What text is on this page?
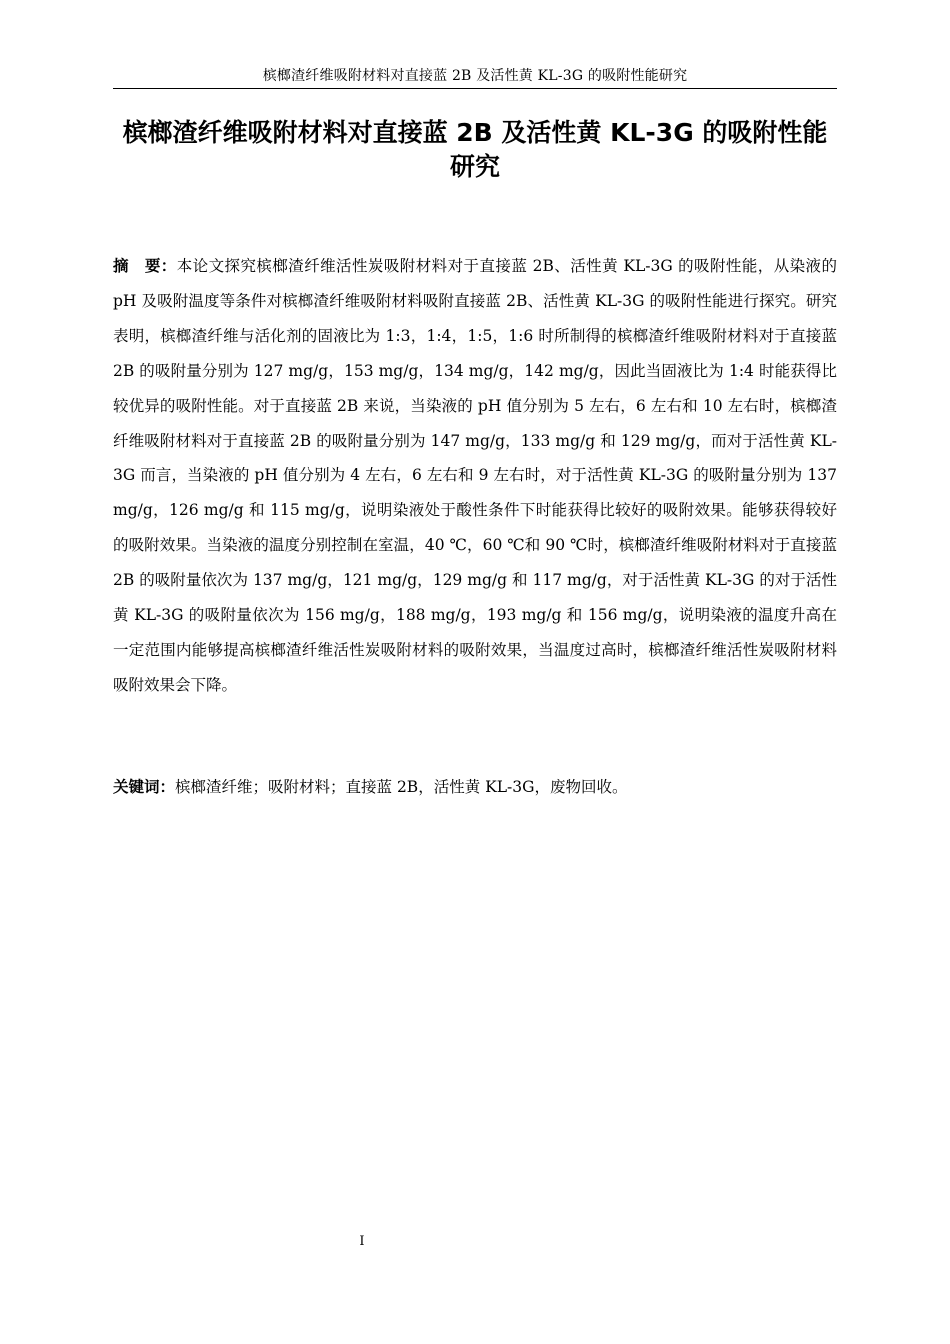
槟榔渣纤维吸附材料对直接蓝 2B 及活性黄 KL-3G 的吸附性能研究
槟榔渣纤维吸附材料对直接蓝 2B 及活性黄 KL-3G 的吸附性能研究

摘　要：本论文探究槟榔渣纤维活性炭吸附材料对于直接蓝 2B、活性黄 KL-3G 的吸附性能，从染液的 pH 及吸附温度等条件对槟榔渣纤维吸附材料吸附直接蓝 2B、活性黄 KL-3G 的吸附性能进行探究。研究表明，槟榔渣纤维与活化剂的固液比为 1:3，1:4，1:5，1:6 时所制得的槟榔渣纤维吸附材料对于直接蓝 2B 的吸附量分别为 127 mg/g，153 mg/g，134 mg/g，142 mg/g，因此当固液比为 1:4 时能获得比较优异的吸附性能。对于直接蓝 2B 来说，当染液的 pH 值分别为 5 左右，6 左右和 10 左右时，槟榔渣纤维吸附材料对于直接蓝 2B 的吸附量分别为 147 mg/g，133 mg/g 和 129 mg/g，而对于活性黄 KL-3G 而言，当染液的 pH 值分别为 4 左右，6 左右和 9 左右时，对于活性黄 KL-3G 的吸附量分别为 137 mg/g，126 mg/g 和 115 mg/g，说明染液处于酸性条件下时能获得比较好的吸附效果。能够获得较好的吸附效果。当染液的温度分别控制在室温，40 ℃，60 ℃和 90 ℃时，槟榔渣纤维吸附材料对于直接蓝 2B 的吸附量依次为 137 mg/g，121 mg/g，129 mg/g 和 117 mg/g，对于活性黄 KL-3G 的对于活性黄 KL-3G 的吸附量依次为 156 mg/g，188 mg/g，193 mg/g 和 156 mg/g，说明染液的温度升高在一定范围内能够提高槟榔渣纤维活性炭吸附材料的吸附效果，当温度过高时，槟榔渣纤维活性炭吸附材料吸附效果会下降。

关键词：槟榔渣纤维；吸附材料；直接蓝 2B，活性黄 KL-3G，废物回收。

I
